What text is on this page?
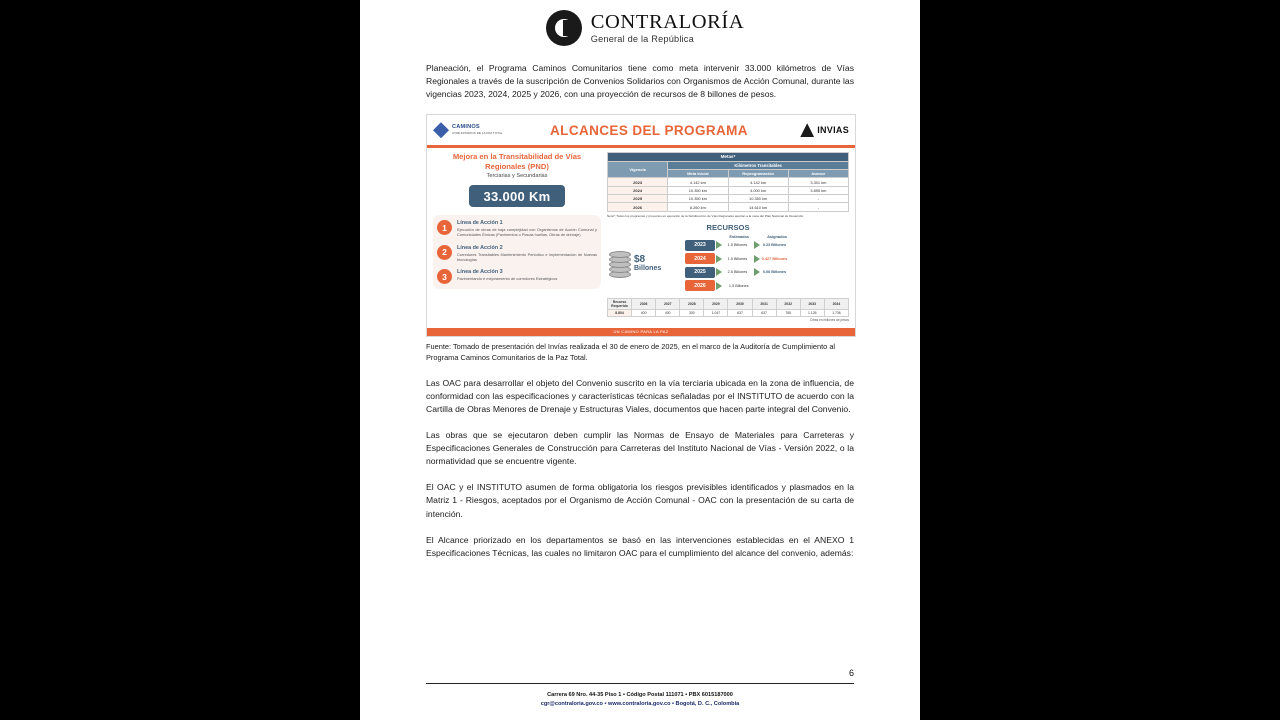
CONTRALORÍA
General de la República

Planeación, el Programa Caminos Comunitarios tiene como meta intervenir 33.000 kilómetros de Vías Regionales a través de la suscripción de Convenios Solidarios con Organismos de Acción Comunal, durante las vigencias 2023, 2024, 2025 y 2026, con una proyección de recursos de 8 billones de pesos.

CAMINOS
COMUNITARIOS DE LA PAZ TOTAL	ALCANCES DEL PROGRAMA	INVIAS
Mejora en la Transitabilidad de Vías Regionales (PND)
Terciarias y Secundarias
33.000 Km
1	Línea de Acción 1
Ejecución de obras de baja complejidad con Organismos de Acción Comunal y Comunidades Étnicas (Pavimentos o Placas huellas, Obras de drenaje)
2	Línea de Acción 2
Corredores Transitables Mantenimiento Periódico e implementación de Nuevas tecnologías
3	Línea de Acción 3
Pavimentando e mejoramiento de corredores Estratégicos
Metas*			
Vigencia	Kilómetros Transitables		
	Meta Inicial	Reprogramación	Avance
2023	4.142 km	4.142 km	3.301 km
2024	10.350 km	4.000 km	3.895 km
2025	10.350 km	10.350 km	-
2026	8.260 km	14.610 km	-
Nota*: Todos los programas y proyectos en ejecución de la Subdirección de Vías Regionales aportan a la meta del Plan Nacional de Desarrollo
RECURSOS
$8
Billones
Estimados	Asignados
2023	1.5 Billones	0.23 Billones
2024	1.5 Billones	0.427 Billones
2025	2.5 Billones	0.06 Billones
2026	1.5 Billones
Recurso Requerido	2026	2027	2028	2029	2030	2031	2032	2033	2034
8.804	400	400	300	1.047	637	637	765	1.126	1.736
Cifras en millones de pesos
UN CAMINO PARA LA PAZ
Fuente: Tomado de presentación del Invías realizada el 30 de enero de 2025, en el marco de la Auditoría de Cumplimiento al Programa Caminos Comunitarios de la Paz Total.

Las OAC para desarrollar el objeto del Convenio suscrito en la vía terciaria ubicada en la zona de influencia, de conformidad con las especificaciones y características técnicas señaladas por el INSTITUTO de acuerdo con la Cartilla de Obras Menores de Drenaje y Estructuras Viales, documentos que hacen parte integral del Convenio.

Las obras que se ejecutaron deben cumplir las Normas de Ensayo de Materiales para Carreteras y Especificaciones Generales de Construcción para Carreteras del Instituto Nacional de Vías - Versión 2022, o la normatividad que se encuentre vigente.

El OAC y el INSTITUTO asumen de forma obligatoria los riesgos previsibles identificados y plasmados en la Matriz 1 - Riesgos, aceptados por el Organismo de Acción Comunal - OAC con la presentación de su carta de intención.

El Alcance priorizado en los departamentos se basó en las intervenciones establecidas en el ANEXO 1 Especificaciones Técnicas, las cuales no limitaron OAC para el cumplimiento del alcance del convenio, además:

6
Carrera 69 Nro. 44-35 Piso 1 • Código Postal 111071 • PBX 6015187000
cgr@contraloria.gov.co • www.contraloria.gov.co • Bogotá, D. C., Colombia
